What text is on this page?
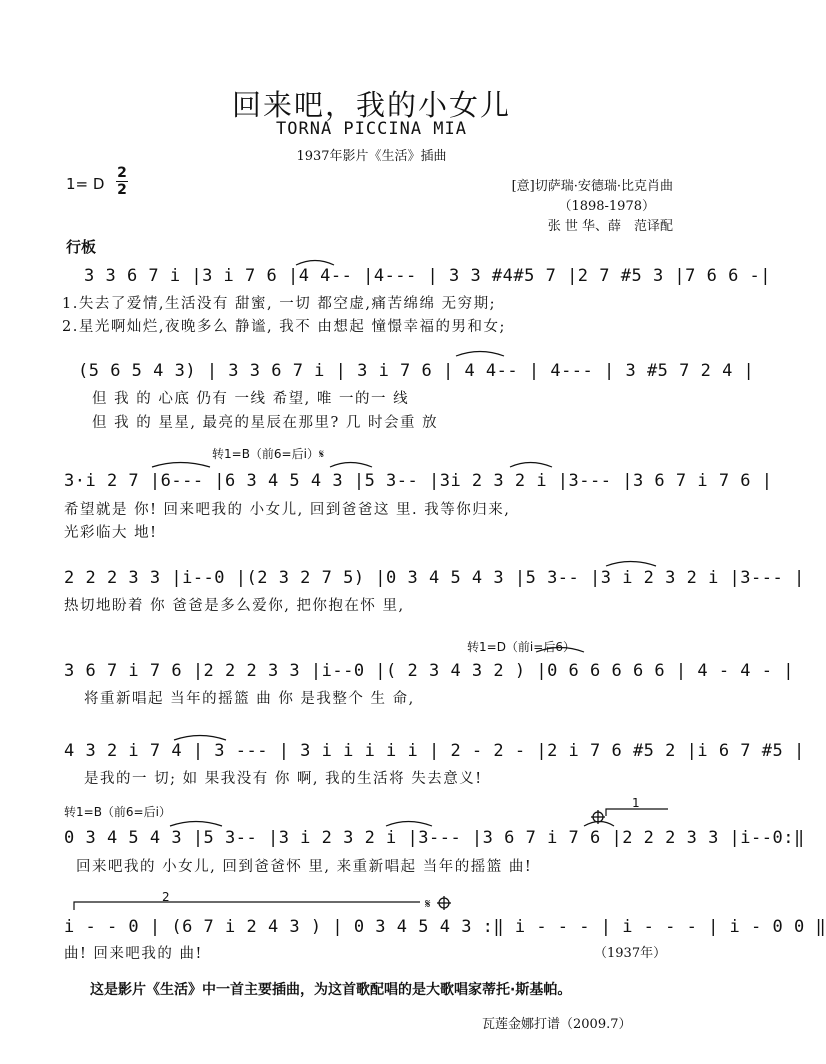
回来吧，我的小女儿
TORNA PICCINA MIA
1937年影片《生活》插曲
1= D
2
2	[意]切萨瑞·安德瑞·比克肖曲
（1898-1978）
张 世 华、薛　范译配
行板
3 3 6 7 i |3 i 7 6 |4 4-- |4--- | 3 3 #4#5 7 |2 7 #5 3 |7 6 6 -|
1.失去了爱情,生活没有 甜蜜, 一切 都空虚,痛苦绵绵 无穷期;
2.星光啊灿烂,夜晚多么 静谧, 我不 由想起 憧憬幸福的男和女;
(5 6 5 4 3) | 3 3 6 7 i | 3 i 7 6 | 4 4-- | 4--- | 3 #5 7 2 4 |
但 我 的 心底 仍有 一线 希望, 唯 一的一 线
但 我 的 星星, 最亮的星辰在那里? 几 时会重 放
转1=B（前6=后i）𝄋
3·i 2 7 |6--- |6 3 4 5 4 3 |5 3-- |3i 2 3 2 i |3--- |3 6 7 i 7 6 |
希望就是 你! 回来吧我的 小女儿, 回到爸爸这 里. 我等你归来,
光彩临大 地!
2 2 2 3 3 |i--0 |(2 3 2 7 5) |0 3 4 5 4 3 |5 3-- |3 i 2 3 2 i |3--- |
热切地盼着 你 爸爸是多么爱你, 把你抱在怀 里,
转1=D（前i=后6）
3 6 7 i 7 6 |2 2 2 3 3 |i--0 |( 2 3 4 3 2 ) |0 6 6 6 6 6 | 4 - 4 - |
将重新唱起 当年的摇篮 曲 你 是我整个 生 命,
4 3 2 i 7 4 | 3 --- | 3 i i i i i | 2 - 2 - |2 i 7 6 #5 2 |i 6 7 #5 |
是我的一 切; 如 果我没有 你 啊, 我的生活将 失去意义!
转1=B（前6=后i）
0 3 4 5 4 3 |5 3-- |3 i 2 3 2 i |3--- |3 6 7 i 7 6 |2 2 2 3 3 |i--0:‖
回来吧我的 小女儿, 回到爸爸怀 里, 来重新唱起 当年的摇篮 曲!
i - - 0 | (6 7 i 2 4 3 ) | 0 3 4 5 4 3 :‖ i - - - | i - - - | i - 0 0 ‖
曲! 回来吧我的 曲!	（1937年）
𝄋
1
2
这是影片《生活》中一首主要插曲，为这首歌配唱的是大歌唱家蒂托·斯基帕。
瓦莲金娜打谱（2009.7）
